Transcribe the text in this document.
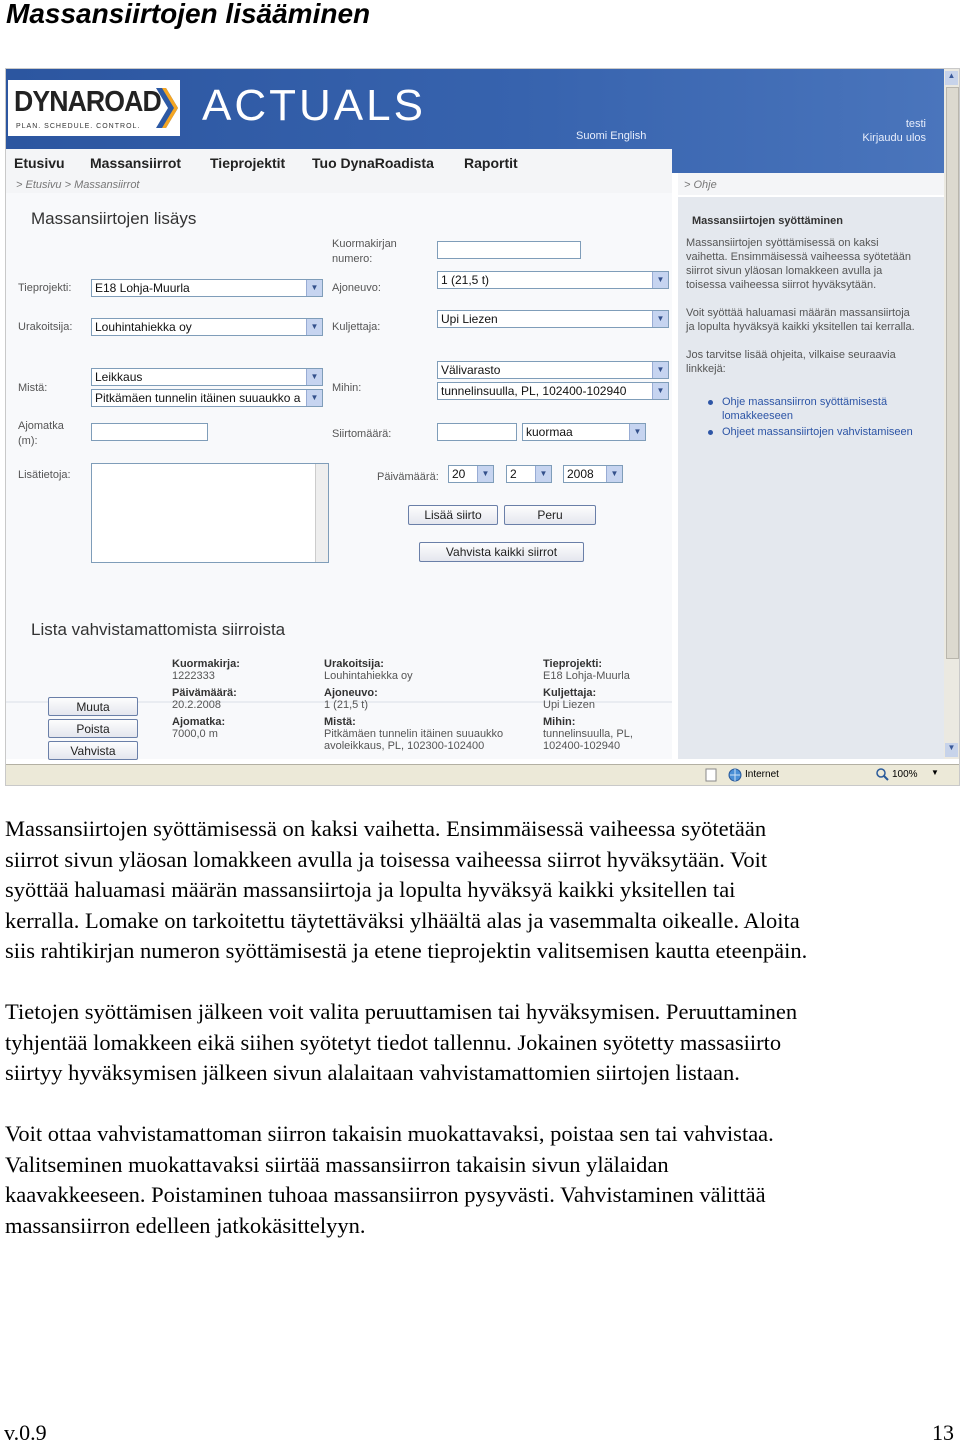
Massansiirtojen lisääminen
DYNAROAD
PLAN. SCHEDULE. CONTROL. ACTUALS
Suomi English
testi
Kirjaudu ulos
Etusivu Massansiirrot Tieprojektit Tuo DynaRoadista Raportit
> Etusivu > Massansiirrot	> Ohje
Massansiirtojen lisäys
Kuormakirjan numero:
Tieprojekti:	E18 Lohja-Muurla	▼	Ajoneuvo:
1 (21,5 t)	▼
Urakoitsija:	Louhintahiekka oy	▼	Kuljettaja:
Upi Liezen	▼
Mistä:
Leikkaus	▼
Pitkämäen tunnelin itäinen suuaukko a	▼
Mihin:
Välivarasto	▼
tunnelinsuulla, PL, 102400-102940	▼
Ajomatka (m):
Siirtomäärä:	kuormaa	▼
Lisätietoja:	Päivämäärä:	20	▼	2	▼	2008	▼
Lisää siirto	Peru
Vahvista kaikki siirrot
Lista vahvistamattomista siirroista
Muuta
Poista
Vahvista
Kuormakirja:
1222333
Päivämäärä:
20.2.2008
Ajomatka:
7000,0 m
Urakoitsija:
Louhintahiekka oy
Ajoneuvo:
1 (21,5 t)
Mistä:
Pitkämäen tunnelin itäinen suuaukko
avoleikkaus, PL, 102300-102400
Tieprojekti:
E18 Lohja-Muurla
Kuljettaja:
Upi Liezen
Mihin:
tunnelinsuulla, PL,
102400-102940
Massansiirtojen syöttäminen
Massansiirtojen syöttämisessä on kaksi
vaihetta. Ensimmäisessä vaiheessa syötetään
siirrot sivun yläosan lomakkeen avulla ja
toisessa vaiheessa siirrot hyväksytään.
Voit syöttää haluamasi määrän massansiirtoja
ja lopulta hyväksyä kaikki yksitellen tai kerralla.
Jos tarvitse lisää ohjeita, vilkaise seuraavia
linkkejä:
Ohje massansiirron syöttämisestä
lomakkeeseen
Ohjeet massansiirtojen vahvistamiseen
▲
▼
Internet	100% ▼
Massansiirtojen syöttämisessä on kaksi vaihetta. Ensimmäisessä vaiheessa syötetään
siirrot sivun yläosan lomakkeen avulla ja toisessa vaiheessa siirrot hyväksytään. Voit
syöttää haluamasi määrän massansiirtoja ja lopulta hyväksyä kaikki yksitellen tai
kerralla. Lomake on tarkoitettu täytettäväksi ylhäältä alas ja vasemmalta oikealle. Aloita
siis rahtikirjan numeron syöttämisestä ja etene tieprojektin valitsemisen kautta eteenpäin.
Tietojen syöttämisen jälkeen voit valita peruuttamisen tai hyväksymisen. Peruuttaminen
tyhjentää lomakkeen eikä siihen syötetyt tiedot tallennu. Jokainen syötetty massasiirto
siirtyy hyväksymisen jälkeen sivun alalaitaan vahvistamattomien siirtojen listaan.
Voit ottaa vahvistamattoman siirron takaisin muokattavaksi, poistaa sen tai vahvistaa.
Valitseminen muokattavaksi siirtää massansiirron takaisin sivun ylälaidan
kaavakkeeseen. Poistaminen tuhoaa massansiirron pysyvästi. Vahvistaminen välittää
massansiirron edelleen jatkokäsittelyyn.
v.0.9	13
